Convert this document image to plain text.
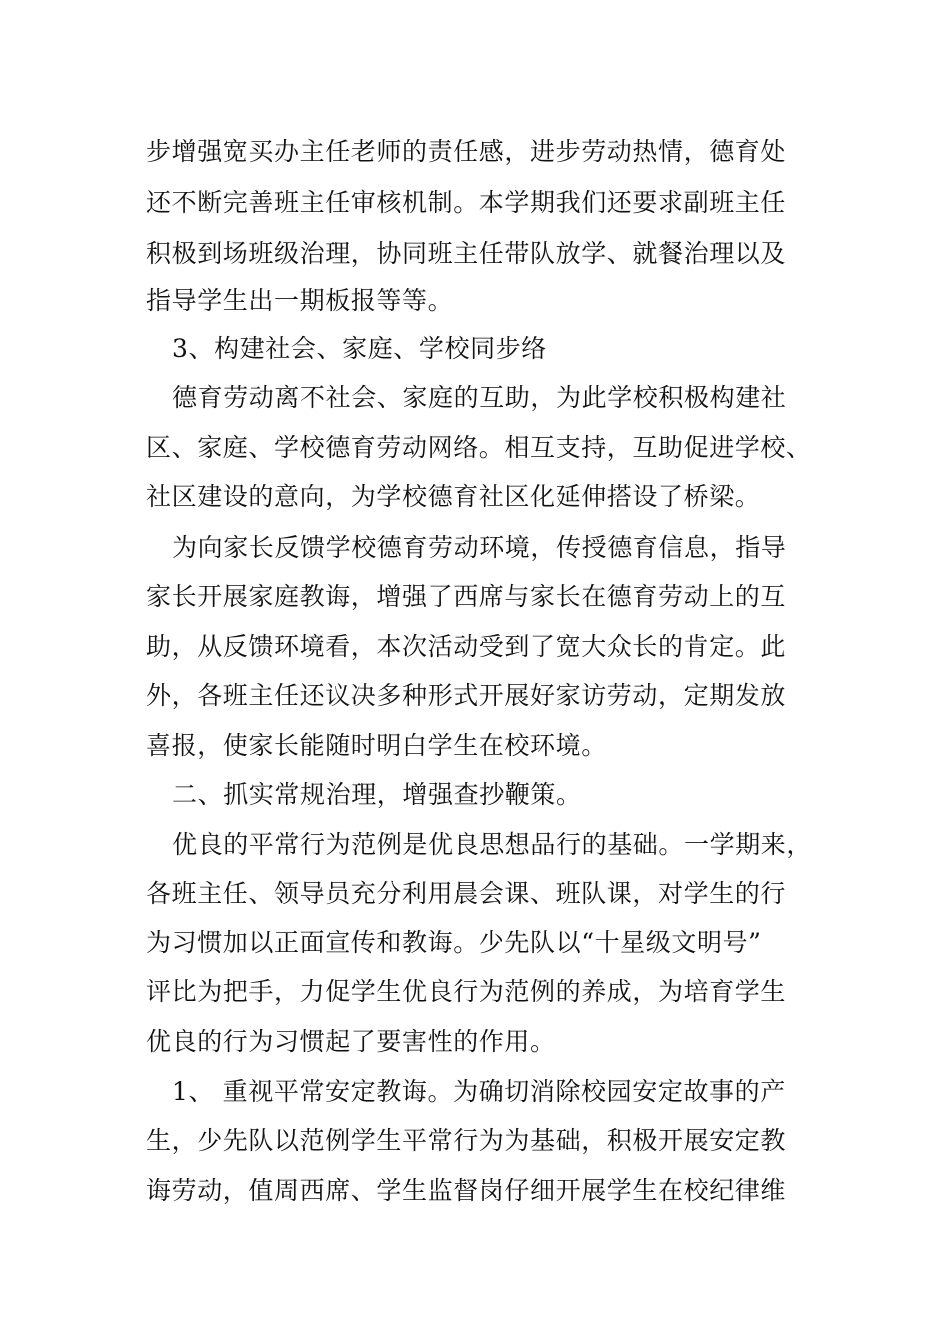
步增强宽买办主任老师的责任感，进步劳动热情，德育处
还不断完善班主任审核机制。本学期我们还要求副班主任
积极到场班级治理，协同班主任带队放学、就餐治理以及
指导学生出一期板报等等。
3、构建社会、家庭、学校同步络
德育劳动离不社会、家庭的互助，为此学校积极构建社
区、家庭、学校德育劳动网络。相互支持，互助促进学校、
社区建设的意向，为学校德育社区化延伸搭设了桥梁。
为向家长反馈学校德育劳动环境，传授德育信息，指导
家长开展家庭教诲，增强了西席与家长在德育劳动上的互
助，从反馈环境看，本次活动受到了宽大众长的肯定。此
外，各班主任还议决多种形式开展好家访劳动，定期发放
喜报，使家长能随时明白学生在校环境。
二、抓实常规治理，增强查抄鞭策。
优良的平常行为范例是优良思想品行的基础。一学期来，
各班主任、领导员充分利用晨会课、班队课，对学生的行
为习惯加以正面宣传和教诲。少先队以“十星级文明号”
评比为把手，力促学生优良行为范例的养成，为培育学生
优良的行为习惯起了要害性的作用。
1、 重视平常安定教诲。为确切消除校园安定故事的产
生，少先队以范例学生平常行为为基础，积极开展安定教
诲劳动，值周西席、学生监督岗仔细开展学生在校纪律维
